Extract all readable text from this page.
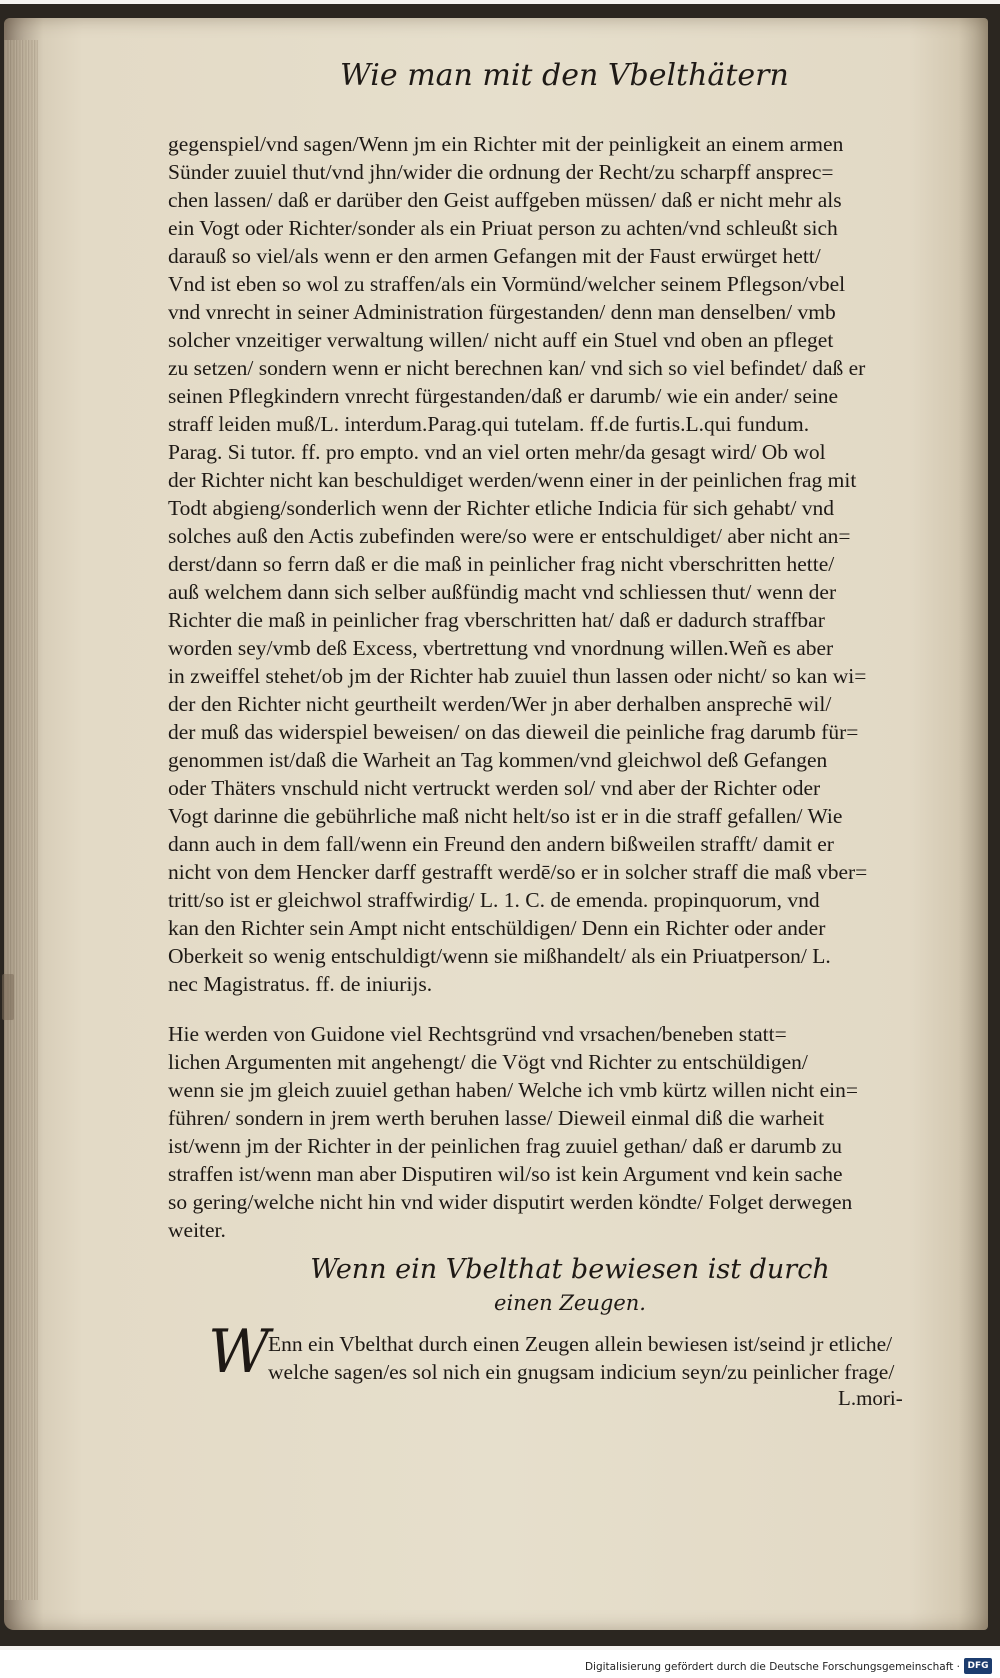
Wie man mit den Vbelthätern
gegenspiel/vnd sagen/Wenn jm ein Richter mit der peinligkeit an einem armen
Sünder zuuiel thut/vnd jhn/wider die ordnung der Recht/zu scharpff ansprec=
chen lassen/ daß er darüber den Geist auffgeben müssen/ daß er nicht mehr als
ein Vogt oder Richter/sonder als ein Priuat person zu achten/vnd schleußt sich
darauß so viel/als wenn er den armen Gefangen mit der Faust erwürget hett/
Vnd ist eben so wol zu straffen/als ein Vormünd/welcher seinem Pflegson/vbel
vnd vnrecht in seiner Administration fürgestanden/ denn man denselben/ vmb
solcher vnzeitiger verwaltung willen/ nicht auff ein Stuel vnd oben an pfleget
zu setzen/ sondern wenn er nicht berechnen kan/ vnd sich so viel befindet/ daß er
seinen Pflegkindern vnrecht fürgestanden/daß er darumb/ wie ein ander/ seine
straff leiden muß/L. interdum.Parag.qui tutelam. ff.de furtis.L.qui fundum.
Parag. Si tutor. ff. pro empto. vnd an viel orten mehr/da gesagt wird/ Ob wol
der Richter nicht kan beschuldiget werden/wenn einer in der peinlichen frag mit
Todt abgieng/sonderlich wenn der Richter etliche Indicia für sich gehabt/ vnd
solches auß den Actis zubefinden were/so were er entschuldiget/ aber nicht an=
derst/dann so ferrn daß er die maß in peinlicher frag nicht vberschritten hette/
auß welchem dann sich selber außfündig macht vnd schliessen thut/ wenn der
Richter die maß in peinlicher frag vberschritten hat/ daß er dadurch straffbar
worden sey/vmb deß Excess, vbertrettung vnd vnordnung willen.Weñ es aber
in zweiffel stehet/ob jm der Richter hab zuuiel thun lassen oder nicht/ so kan wi=
der den Richter nicht geurtheilt werden/Wer jn aber derhalben ansprechē wil/
der muß das widerspiel beweisen/ on das dieweil die peinliche frag darumb für=
genommen ist/daß die Warheit an Tag kommen/vnd gleichwol deß Gefangen
oder Thäters vnschuld nicht vertruckt werden sol/ vnd aber der Richter oder
Vogt darinne die gebührliche maß nicht helt/so ist er in die straff gefallen/ Wie
dann auch in dem fall/wenn ein Freund den andern bißweilen strafft/ damit er
nicht von dem Hencker darff gestrafft werdē/so er in solcher straff die maß vber=
tritt/so ist er gleichwol straffwirdig/ L. 1. C. de emenda. propinquorum, vnd
kan den Richter sein Ampt nicht entschüldigen/ Denn ein Richter oder ander
Oberkeit so wenig entschuldigt/wenn sie mißhandelt/ als ein Priuatperson/ L.
nec Magistratus. ff. de iniurijs.
Hie werden von Guidone viel Rechtsgründ vnd vrsachen/beneben statt=
lichen Argumenten mit angehengt/ die Vögt vnd Richter zu entschüldigen/
wenn sie jm gleich zuuiel gethan haben/ Welche ich vmb kürtz willen nicht ein=
führen/ sondern in jrem werth beruhen lasse/ Dieweil einmal diß die warheit
ist/wenn jm der Richter in der peinlichen frag zuuiel gethan/ daß er darumb zu
straffen ist/wenn man aber Disputiren wil/so ist kein Argument vnd kein sache
so gering/welche nicht hin vnd wider disputirt werden köndte/ Folget derwegen
weiter.
Wenn ein Vbelthat bewiesen ist durch
einen Zeugen.
W
Enn ein Vbelthat durch einen Zeugen allein bewiesen ist/seind jr etliche/
welche sagen/es sol nich ein gnugsam indicium seyn/zu peinlicher frage/
L.mori-
Digitalisierung gefördert durch die Deutsche Forschungsgemeinschaft · DFG
